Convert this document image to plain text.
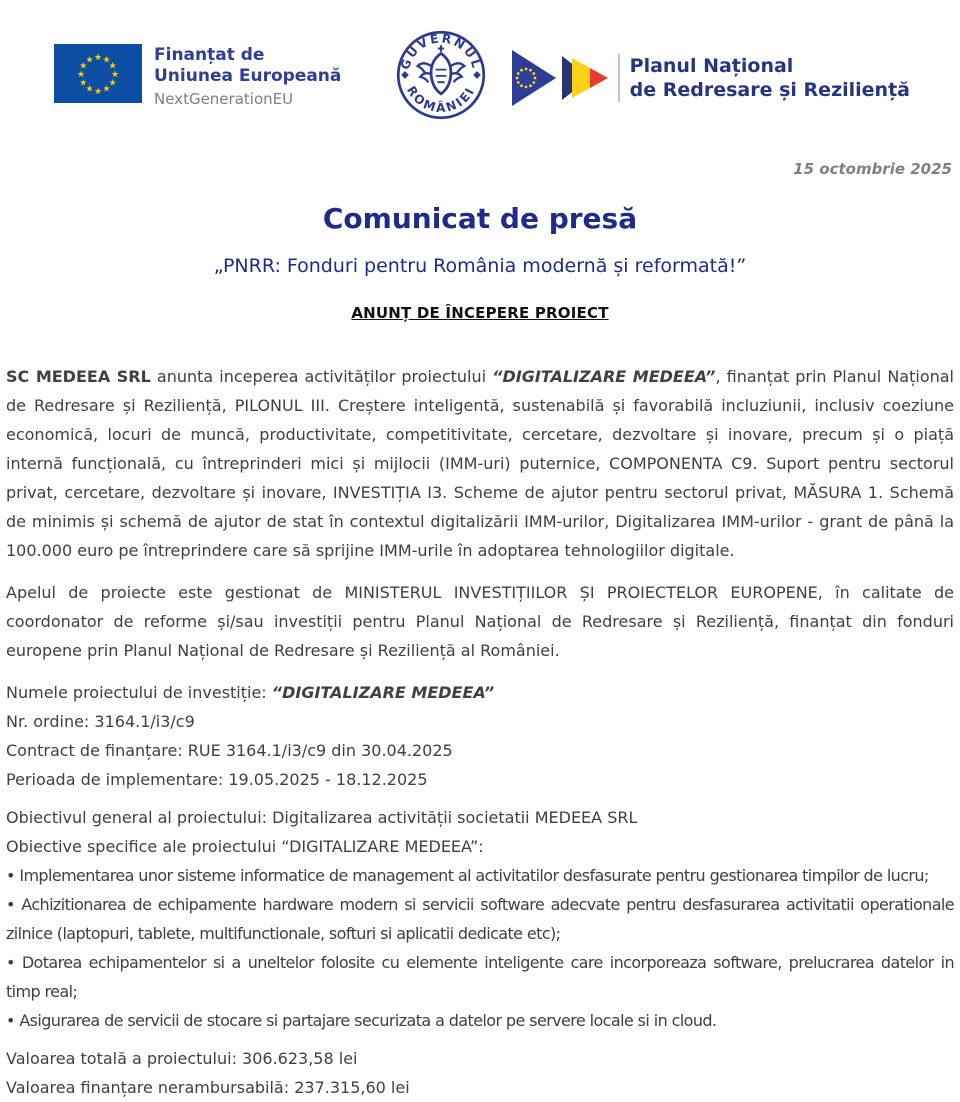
★ ★
★
★
★
★
★
★
★
★
★
★	Finanțat de
Uniunea Europeană
NextGenerationEU
GUVERNUL
ROMÂNIEI
Planul Național
de Redresare și Reziliență
15 octombrie 2025
Comunicat de presă
„PNRR: Fonduri pentru România modernă și reformată!”
ANUNȚ DE ÎNCEPERE PROIECT

SC MEDEEA SRL anunta inceperea activităților proiectului “DIGITALIZARE MEDEEA”, finanțat prin Planul Național de Redresare și Reziliență, PILONUL III. Creștere inteligentă, sustenabilă și favorabilă incluziunii, inclusiv coeziune economică, locuri de muncă, productivitate, competitivitate, cercetare, dezvoltare și inovare, precum și o piață internă funcțională, cu întreprinderi mici și mijlocii (IMM-uri) puternice, COMPONENTA C9. Suport pentru sectorul privat, cercetare, dezvoltare și inovare, INVESTIȚIA I3. Scheme de ajutor pentru sectorul privat, MĂSURA 1. Schemă de minimis și schemă de ajutor de stat în contextul digitalizării IMM-urilor, Digitalizarea IMM-urilor - grant de până la 100.000 euro pe întreprindere care să sprijine IMM-urile în adoptarea tehnologiilor digitale.

Apelul de proiecte este gestionat de MINISTERUL INVESTIȚIILOR ȘI PROIECTELOR EUROPENE, în calitate de coordonator de reforme și/sau investiții pentru Planul Național de Redresare și Reziliență, finanțat din fonduri europene prin Planul Național de Redresare și Reziliență al României.

Numele proiectului de investiție: “DIGITALIZARE MEDEEA”
Nr. ordine: 3164.1/i3/c9
Contract de finanțare: RUE 3164.1/i3/c9 din 30.04.2025
Perioada de implementare: 19.05.2025 - 18.12.2025
Obiectivul general al proiectului: Digitalizarea activității societatii MEDEEA SRL
Obiective specifice ale proiectului “DIGITALIZARE MEDEEA”:
• Implementarea unor sisteme informatice de management al activitatilor desfasurate pentru gestionarea timpilor de lucru;
• Achizitionarea de echipamente hardware modern si servicii software adecvate pentru desfasurarea activitatii operationale zilnice (laptopuri, tablete, multifunctionale, softuri si aplicatii dedicate etc);
• Dotarea echipamentelor si a uneltelor folosite cu elemente inteligente care incorporeaza software, prelucrarea datelor in timp real;
• Asigurarea de servicii de stocare si partajare securizata a datelor pe servere locale si in cloud.
Valoarea totală a proiectului: 306.623,58 lei
Valoarea finanțare nerambursabilă: 237.315,60 lei
